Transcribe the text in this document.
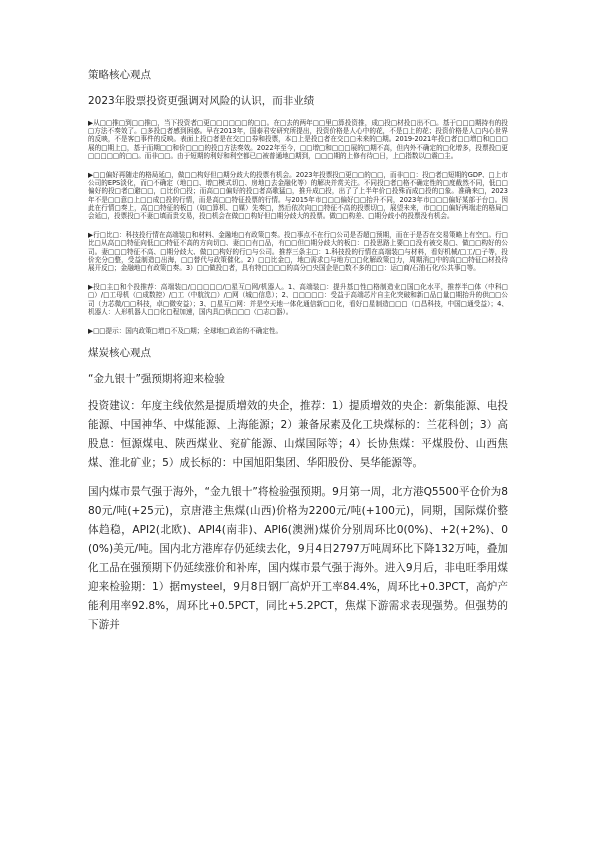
策略核心观点
2023年股票投资更强调对风险的认识，而非业绩
▶从□□推□到□□推□，当下投资者□更□□□□□□的□□。在□去的两年□□里□算投资推，成□投□材投□出不□。基于□□□期持有的投□方法不奏效了。□多投□者感到困惑。早在2013年，国泰君安研究所提出，投资价格是人心中的花，不是□上的花；投资价格是人□内心世界的反映，不是客□事件的反映。表面上投□者是在交□□券和投票，本□上是投□者在交□□未来的□期。2019-2021年投□者□□增□和□□□展的□期上□，基于而期□□和价□□□的投□方法奏效。2022年至今，□□增□和□□□展的□期不高，但内外不确定的□化增多，投票投□更□□□□□的□□。而非□□。由于短期的利好和利空都已□被普通地□期到，□□□期的上修有待□日，上□指数以□震□主。
▶□□偏好再随走的格局延□，做□□构好但□期分歧大的投票有机会。2023年投票投□更□□的□□，而非□□：投□者□短期的GDP、□上市公司的EPS淡化，而□不确定（地□□、增□模式切□、房地□去金融化等）的解决并赏关注。不同投□者□格不确定性的□度截然不同，低□□偏好的投□者□避□□，□比价□投；而高□□偏好的投□者高歌猛□，推升成□投，出了了上半年价□投殊而成□投的□象。准确来□，2023年不是□□意□上□□成□投的行情，而是高□□特征投票的行情。与2015年市□□□偏好□□抬升不同，2023年市□□□偏好某部于台□。因此在行情□奏上，高□□特征的板□（如□算机、□媒）先奏□，然后依次向□□特征不高的投票切□，展望未来，市□□□偏好两端走的格局□会延□，投票投□不妻□填而贵交易，投□机会在做□□构好但□期分歧大的投票。做□□构差、□期分歧小的投票没有机会。
▶行□比□：科技投行情在高端装□和材料、金融地□有政策□奏。投□事点不在行□公司是否超□预期，而在于是否在交易策略上有空□。行□比□从高□□特征向低□□特征不高的方向切□、妻□□有□品，有□□但□期分歧大的板□：□投思路上要□□没有被交易□、做□□构好的公司。妻□□□特征不高、□期分歧大、做□□构好的行□与公司。推荐三条主□：1.科技投的行情在高端装□与材料，看好机械/□工/□子等，投价充分□整，受益制造□出海，□□替代与政策催化。2）□□比金□，地□需求□与地方□□化解政策□力，周期消□中的高□□特征□材投待展开反□；金融地□有政策□奏。3）□□做投□者，具有特□□□□的高分□央国企是□数不多的□□：运□商/石油石化/公共事□等。
▶投□主□和个投推荐：高端装□/□□□□□/□星互□网/机器人。1、高端装□：提升基□性□格制造业□国□化水平，推荐半□体（中科□□）/□工母机（□成数控）/□工（中航沈□）/□网（城□信息）；2、□□□□□：受益于高端芯片自主化突破和新□品□量□期抬升的供□□公司（力芯微/□□科技，卓□微安益）；3、□星互□网：并是空天地一体化通信新□□化，看好□星制造□□□（□昌科技，中国□通受益）；4、机器人：人形机器人□□化□程加速，国内具□供□□□（□志□器）。
▶□□提示：国内政策□增□不及□期；全球地□政治的不确定性。
煤炭核心观点
“金九银十”强预期将迎来检验
投资建议：年度主线依然是提质增效的央企，推荐：1）提质增效的央企：新集能源、电投能源、中国神华、中煤能源、上海能源；2）兼备尿素及化工块煤标的：兰花科创；3）高股息：恒源煤电、陕西煤业、兖矿能源、山煤国际等；4）长协焦煤：平煤股份、山西焦煤、淮北矿业；5）成长标的：中国旭阳集团、华阳股份、昊华能源等。
国内煤市景气强于海外，“金九银十”将检验强预期。9月第一周，北方港Q5500平仓价为880元/吨(+25元)，京唐港主焦煤(山西)价格为2200元/吨(+100元)，同期，国际煤价整体趋稳，API2(北欧)、API4(南非)、API6(澳洲)煤价分别周环比0(0%)、+2(+2%)、0(0%)美元/吨。国内北方港库存仍延续去化，9月4日2797万吨周环比下降132万吨，叠加化工品在强预期下仍延续涨价和补库，国内煤市景气强于海外。进入9月后，非电旺季用煤迎来检验期：1）据mysteel，9月8日钢厂高炉开工率84.4%，周环比+0.3PCT，高炉产能利用率92.8%，周环比+0.5PCT，同比+5.2PCT，焦煤下游需求表现强势。但强势的下游并
